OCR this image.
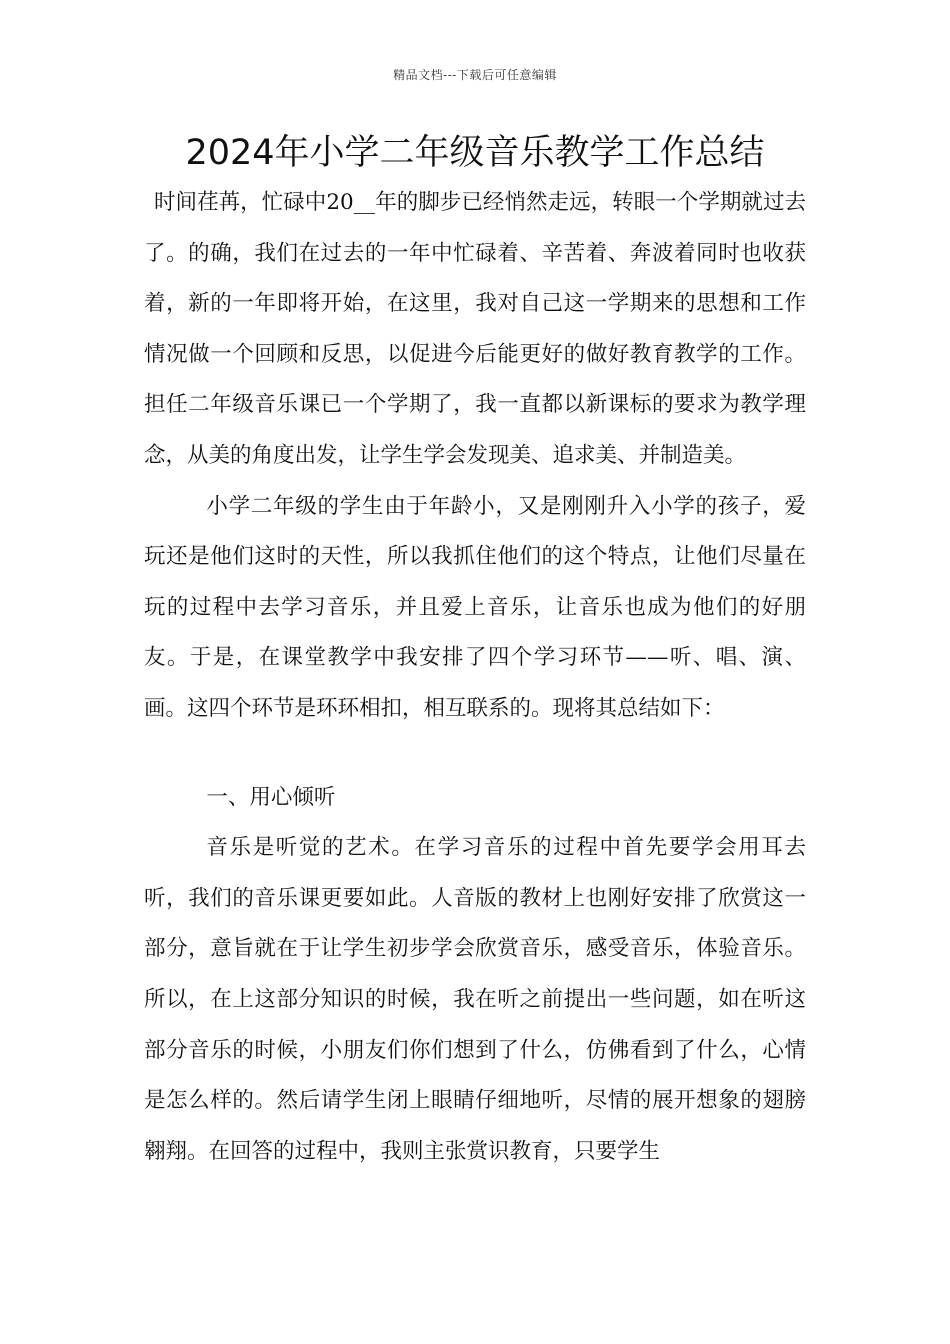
精品文档---下载后可任意编辑
2024年小学二年级音乐教学工作总结

时间荏苒，忙碌中20__年的脚步已经悄然走远，转眼一个学期就过去了。的确，我们在过去的一年中忙碌着、辛苦着、奔波着同时也收获着，新的一年即将开始，在这里，我对自己这一学期来的思想和工作情况做一个回顾和反思，以促进今后能更好的做好教育教学的工作。担任二年级音乐课已一个学期了，我一直都以新课标的要求为教学理念，从美的角度出发，让学生学会发现美、追求美、并制造美。

小学二年级的学生由于年龄小，又是刚刚升入小学的孩子，爱玩还是他们这时的天性，所以我抓住他们的这个特点，让他们尽量在玩的过程中去学习音乐，并且爱上音乐，让音乐也成为他们的好朋友。于是，在课堂教学中我安排了四个学习环节——听、唱、演、画。这四个环节是环环相扣，相互联系的。现将其总结如下：

一、用心倾听

音乐是听觉的艺术。在学习音乐的过程中首先要学会用耳去听，我们的音乐课更要如此。人音版的教材上也刚好安排了欣赏这一部分，意旨就在于让学生初步学会欣赏音乐，感受音乐，体验音乐。所以，在上这部分知识的时候，我在听之前提出一些问题，如在听这部分音乐的时候，小朋友们你们想到了什么，仿佛看到了什么，心情是怎么样的。然后请学生闭上眼睛仔细地听，尽情的展开想象的翅膀翱翔。在回答的过程中，我则主张赏识教育，只要学生
